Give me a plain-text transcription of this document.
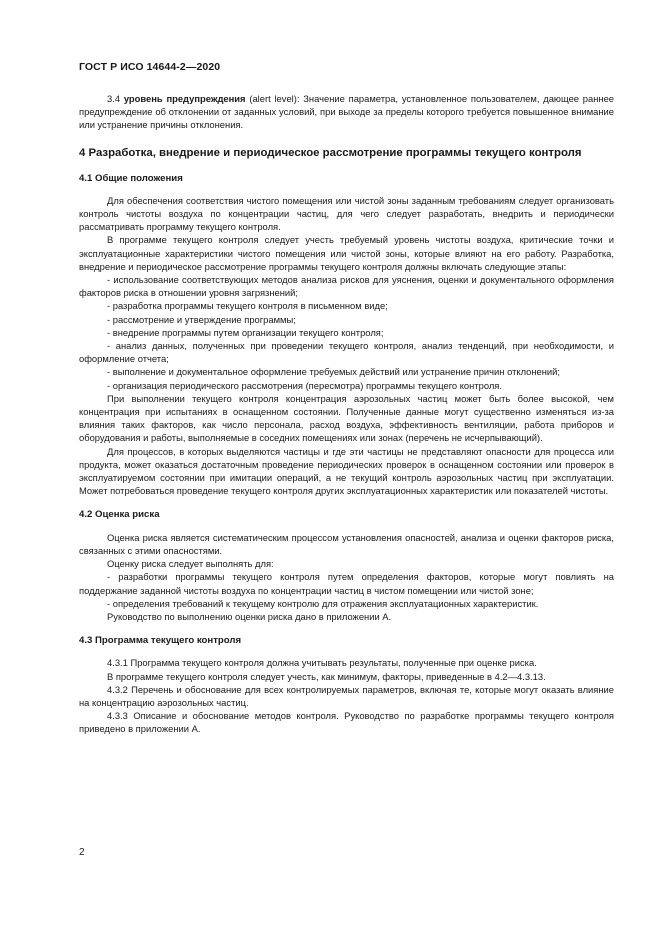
ГОСТ Р ИСО 14644-2—2020

3.4 уровень предупреждения (alert level): Значение параметра, установленное пользователем, дающее раннее предупреждение об отклонении от заданных условий, при выходе за пределы которого требуется повышенное внимание или устранение причины отклонения.

4 Разработка, внедрение и периодическое рассмотрение программы текущего контроля
4.1 Общие положения

Для обеспечения соответствия чистого помещения или чистой зоны заданным требованиям следует организовать контроль чистоты воздуха по концентрации частиц, для чего следует разработать, внедрить и периодически рассматривать программу текущего контроля.

В программе текущего контроля следует учесть требуемый уровень чистоты воздуха, критические точки и эксплуатационные характеристики чистого помещения или чистой зоны, которые влияют на его работу. Разработка, внедрение и периодическое рассмотрение программы текущего контроля должны включать следующие этапы:

- использование соответствующих методов анализа рисков для уяснения, оценки и документального оформления факторов риска в отношении уровня загрязнений;

- разработка программы текущего контроля в письменном виде;

- рассмотрение и утверждение программы;

- внедрение программы путем организации текущего контроля;

- анализ данных, полученных при проведении текущего контроля, анализ тенденций, при необходимости, и оформление отчета;

- выполнение и документальное оформление требуемых действий или устранение причин отклонений;

- организация периодического рассмотрения (пересмотра) программы текущего контроля.

При выполнении текущего контроля концентрация аэрозольных частиц может быть более высокой, чем концентрация при испытаниях в оснащенном состоянии. Полученные данные могут существенно изменяться из-за влияния таких факторов, как число персонала, расход воздуха, эффективность вентиляции, работа приборов и оборудования и работы, выполняемые в соседних помещениях или зонах (перечень не исчерпывающий).

Для процессов, в которых выделяются частицы и где эти частицы не представляют опасности для процесса или продукта, может оказаться достаточным проведение периодических проверок в оснащенном состоянии или проверок в эксплуатируемом состоянии при имитации операций, а не текущий контроль аэрозольных частиц при эксплуатации. Может потребоваться проведение текущего контроля других эксплуатационных характеристик или показателей чистоты.

4.2 Оценка риска

Оценка риска является систематическим процессом установления опасностей, анализа и оценки факторов риска, связанных с этими опасностями.

Оценку риска следует выполнять для:

- разработки программы текущего контроля путем определения факторов, которые могут повлиять на поддержание заданной чистоты воздуха по концентрации частиц в чистом помещении или чистой зоне;

- определения требований к текущему контролю для отражения эксплуатационных характеристик.

Руководство по выполнению оценки риска дано в приложении А.

4.3 Программа текущего контроля

4.3.1 Программа текущего контроля должна учитывать результаты, полученные при оценке риска.

В программе текущего контроля следует учесть, как минимум, факторы, приведенные в 4.2—4.3.13.

4.3.2 Перечень и обоснование для всех контролируемых параметров, включая те, которые могут оказать влияние на концентрацию аэрозольных частиц.

4.3.3 Описание и обоснование методов контроля. Руководство по разработке программы текущего контроля приведено в приложении А.

2
